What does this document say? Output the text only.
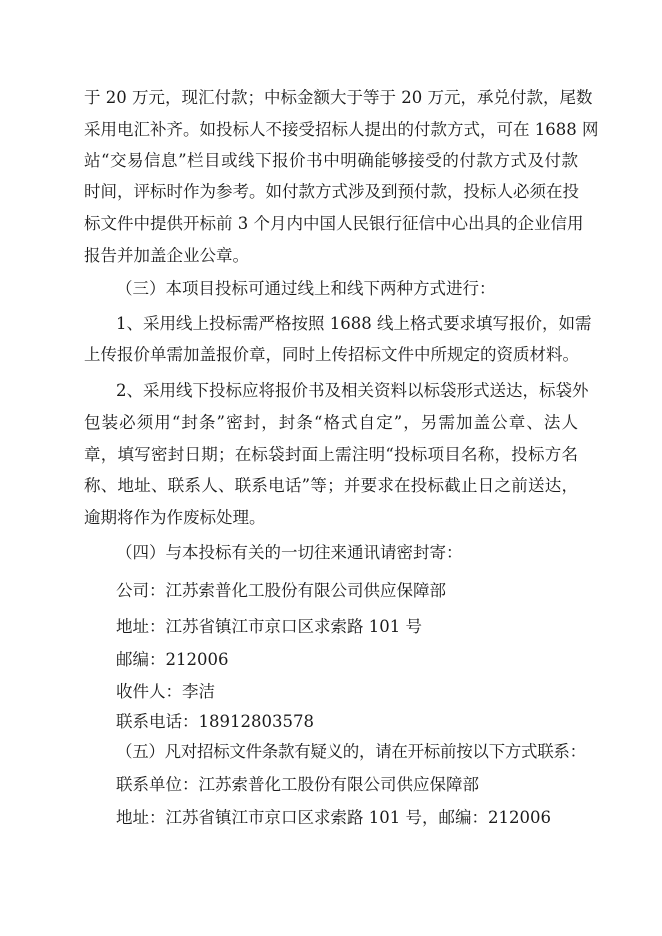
于 20 万元，现汇付款；中标金额大于等于 20 万元，承兑付款，尾数
采用电汇补齐。如投标人不接受招标人提出的付款方式，可在 1688 网
站“交易信息”栏目或线下报价书中明确能够接受的付款方式及付款
时间，评标时作为参考。如付款方式涉及到预付款，投标人必须在投
标文件中提供开标前 3 个月内中国人民银行征信中心出具的企业信用
报告并加盖企业公章。
（三）本项目投标可通过线上和线下两种方式进行：
1、采用线上投标需严格按照 1688 线上格式要求填写报价，如需
上传报价单需加盖报价章，同时上传招标文件中所规定的资质材料。
2、采用线下投标应将报价书及相关资料以标袋形式送达，标袋外
包装必须用“封条”密封，封条“格式自定”，另需加盖公章、法人
章，填写密封日期；在标袋封面上需注明“投标项目名称，投标方名
称、地址、联系人、联系电话”等；并要求在投标截止日之前送达，
逾期将作为作废标处理。
（四）与本投标有关的一切往来通讯请密封寄：
公司：江苏索普化工股份有限公司供应保障部
地址：江苏省镇江市京口区求索路 101 号
邮编：212006
收件人：李洁
联系电话：18912803578
（五）凡对招标文件条款有疑义的，请在开标前按以下方式联系：
联系单位：江苏索普化工股份有限公司供应保障部
地址：江苏省镇江市京口区求索路 101 号，邮编：212006
